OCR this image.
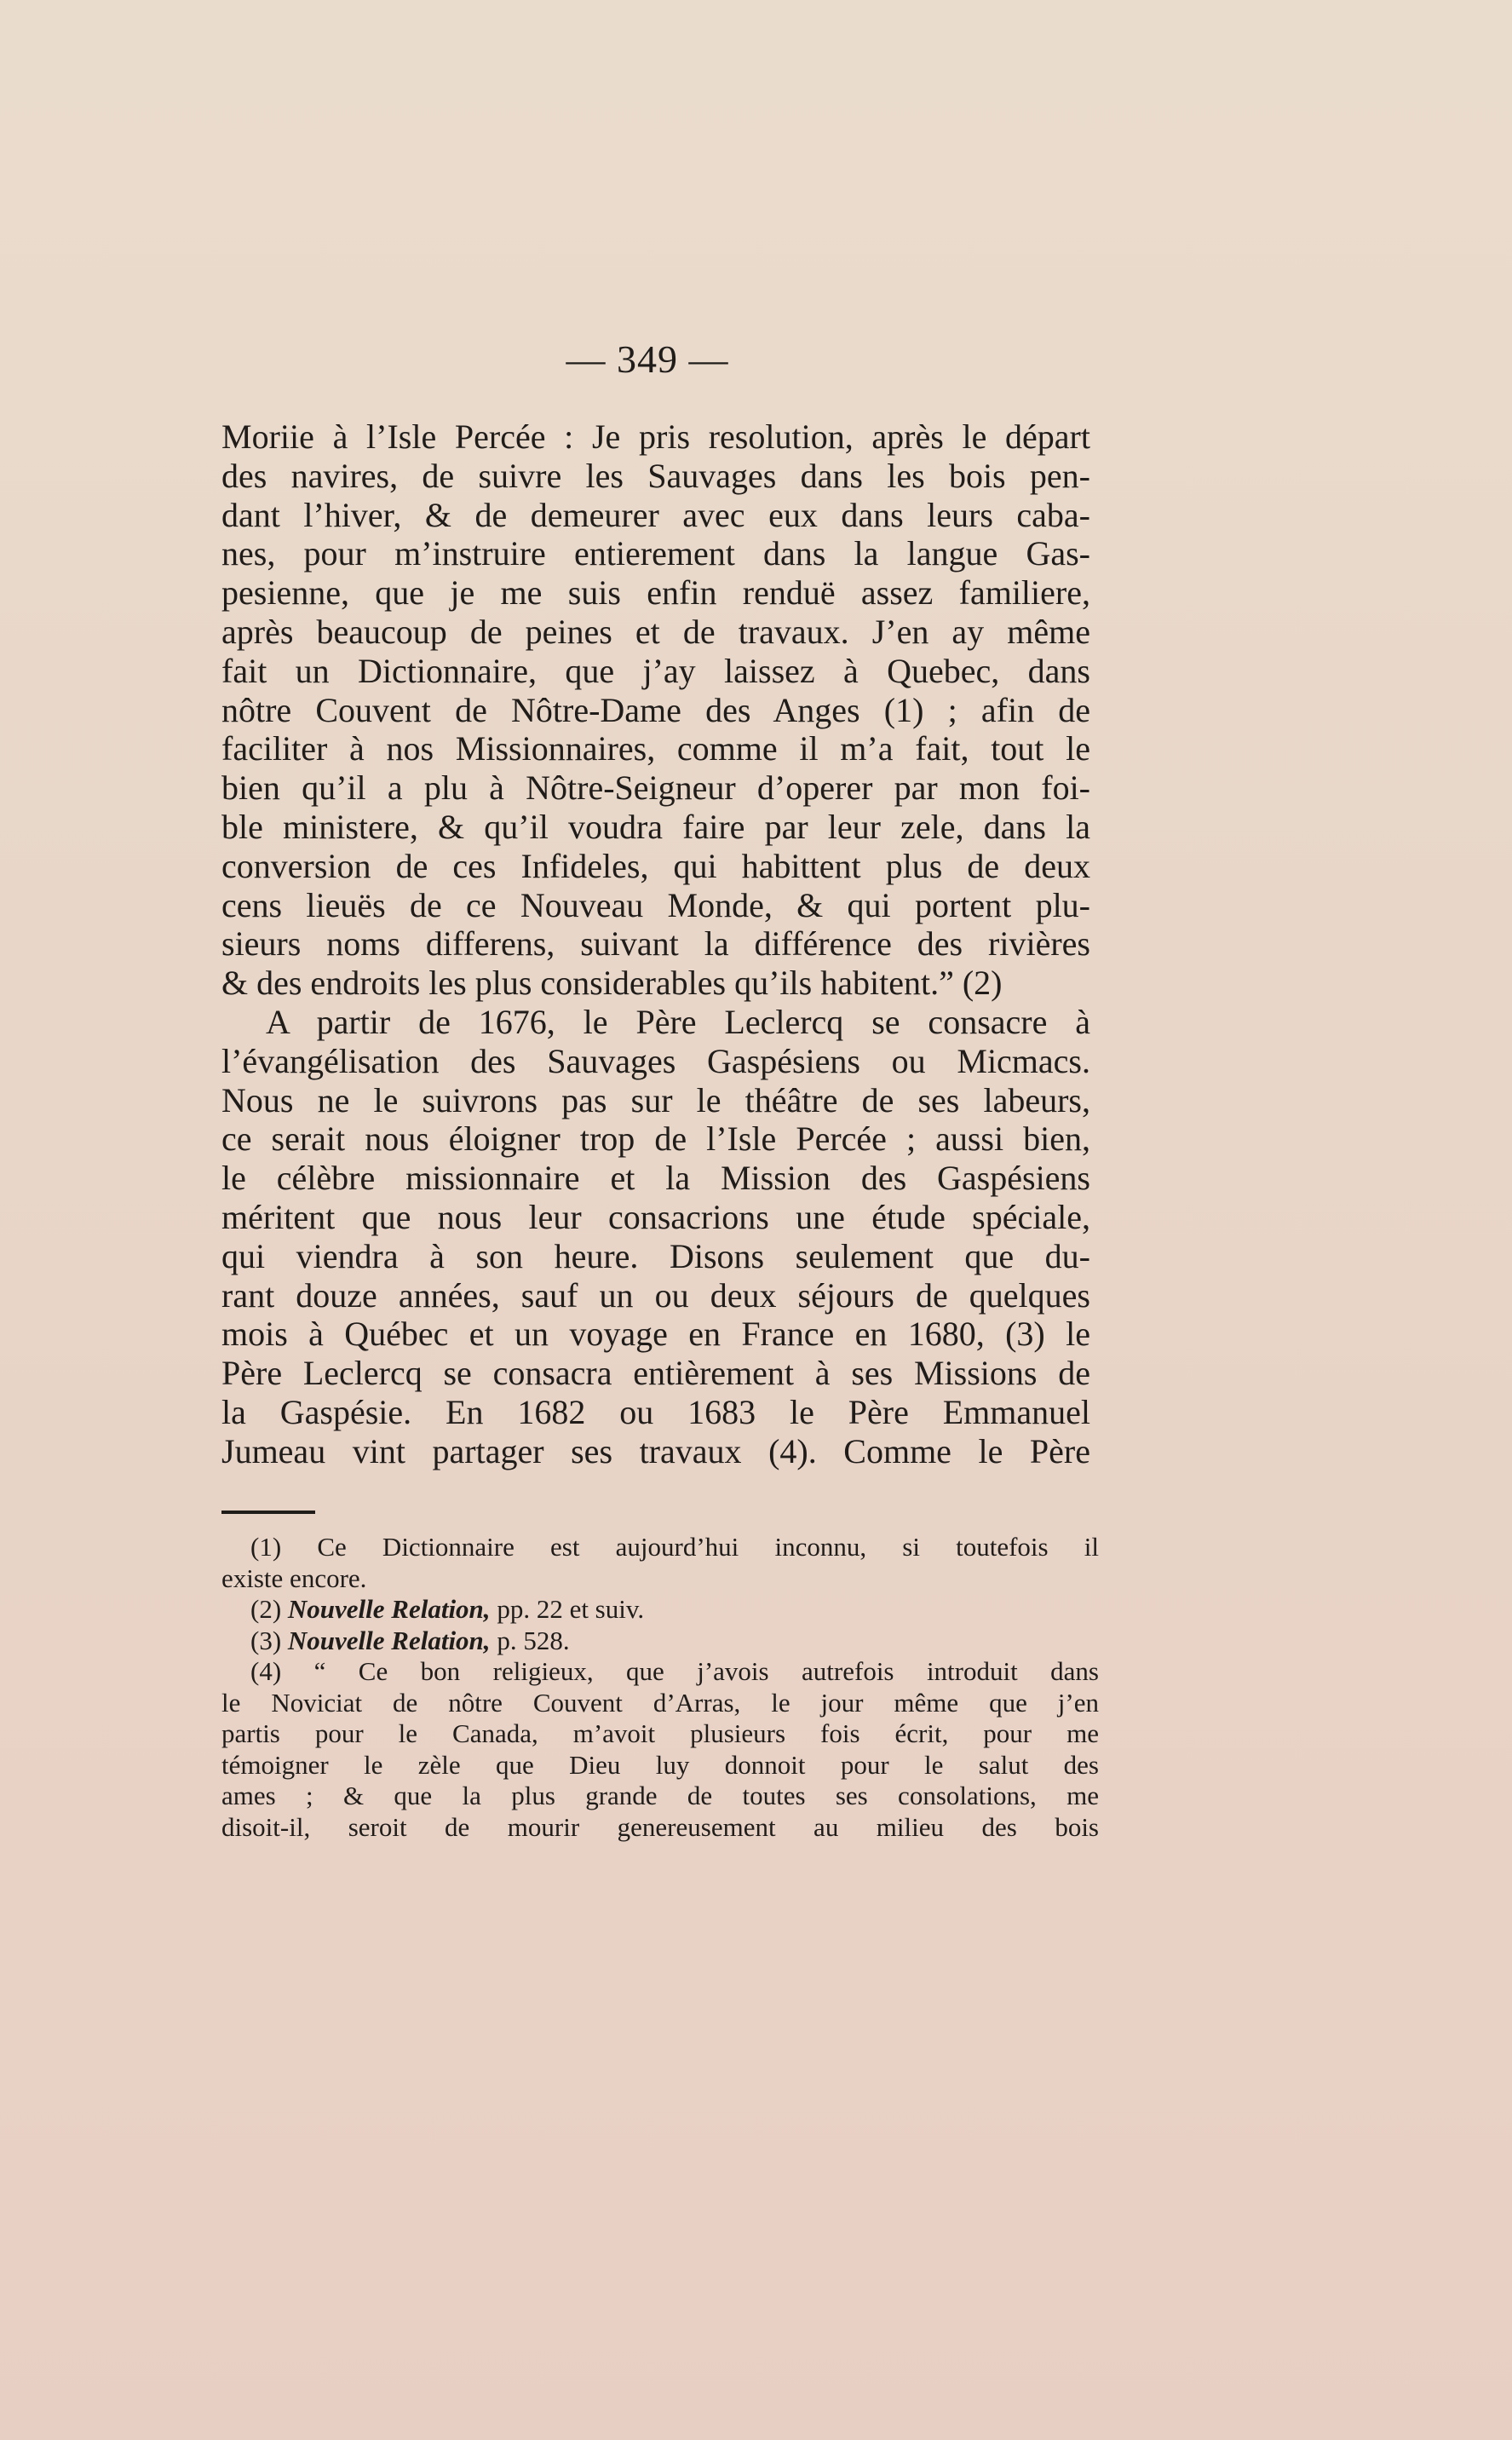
— 349 —
Moriie à l’Isle Percée : Je pris resolution, après le départ
des navires, de suivre les Sauvages dans les bois pen-
dant l’hiver, & de demeurer avec eux dans leurs caba-
nes, pour m’instruire entierement dans la langue Gas-
pesienne, que je me suis enfin renduë assez familiere,
après beaucoup de peines et de travaux. J’en ay même
fait un Dictionnaire, que j’ay laissez à Quebec, dans
nôtre Couvent de Nôtre-Dame des Anges (1) ; afin de
faciliter à nos Missionnaires, comme il m’a fait, tout le
bien qu’il a plu à Nôtre-Seigneur d’operer par mon foi-
ble ministere, & qu’il voudra faire par leur zele, dans la
conversion de ces Infideles, qui habittent plus de deux
cens lieuës de ce Nouveau Monde, & qui portent plu-
sieurs noms differens, suivant la différence des rivières
& des endroits les plus considerables qu’ils habitent.” (2)
A partir de 1676, le Père Leclercq se consacre à
l’évangélisation des Sauvages Gaspésiens ou Micmacs.
Nous ne le suivrons pas sur le théâtre de ses labeurs,
ce serait nous éloigner trop de l’Isle Percée ; aussi bien,
le célèbre missionnaire et la Mission des Gaspésiens
méritent que nous leur consacrions une étude spéciale,
qui viendra à son heure. Disons seulement que du-
rant douze années, sauf un ou deux séjours de quelques
mois à Québec et un voyage en France en 1680, (3) le
Père Leclercq se consacra entièrement à ses Missions de
la Gaspésie. En 1682 ou 1683 le Père Emmanuel
Jumeau vint partager ses travaux (4). Comme le Père
(1) Ce Dictionnaire est aujourd’hui inconnu, si toutefois il
existe encore.
(2) Nouvelle Relation, pp. 22 et suiv.
(3) Nouvelle Relation, p. 528.
(4) “ Ce bon religieux, que j’avois autrefois introduit dans
le Noviciat de nôtre Couvent d’Arras, le jour même que j’en
partis pour le Canada, m’avoit plusieurs fois écrit, pour me
témoigner le zèle que Dieu luy donnoit pour le salut des
ames ; & que la plus grande de toutes ses consolations, me
disoit-il, seroit de mourir genereusement au milieu des bois
